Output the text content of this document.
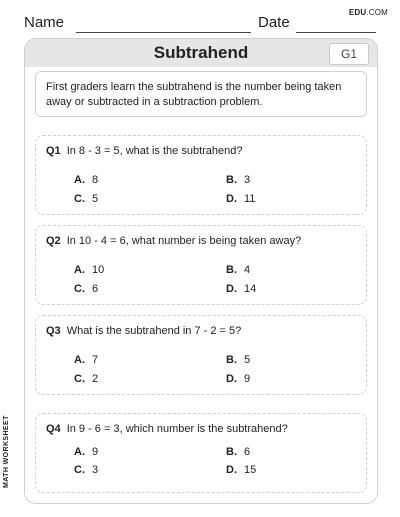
EDU.COM
Name	Date
Subtrahend	G1
First graders learn the subtrahend is the number being taken away or subtracted in a subtraction problem.
Q1 In 8 - 3 = 5, what is the subtrahend?
A. 8	B. 3
C. 5	D. 11
Q2 In 10 - 4 = 6, what number is being taken away?
A. 10	B. 4
C. 6	D. 14
Q3 What is the subtrahend in 7 - 2 = 5?
A. 7	B. 5
C. 2	D. 9
Q4 In 9 - 6 = 3, which number is the subtrahend?
A. 9	B. 6
C. 3	D. 15
MATH WORKSHEET
